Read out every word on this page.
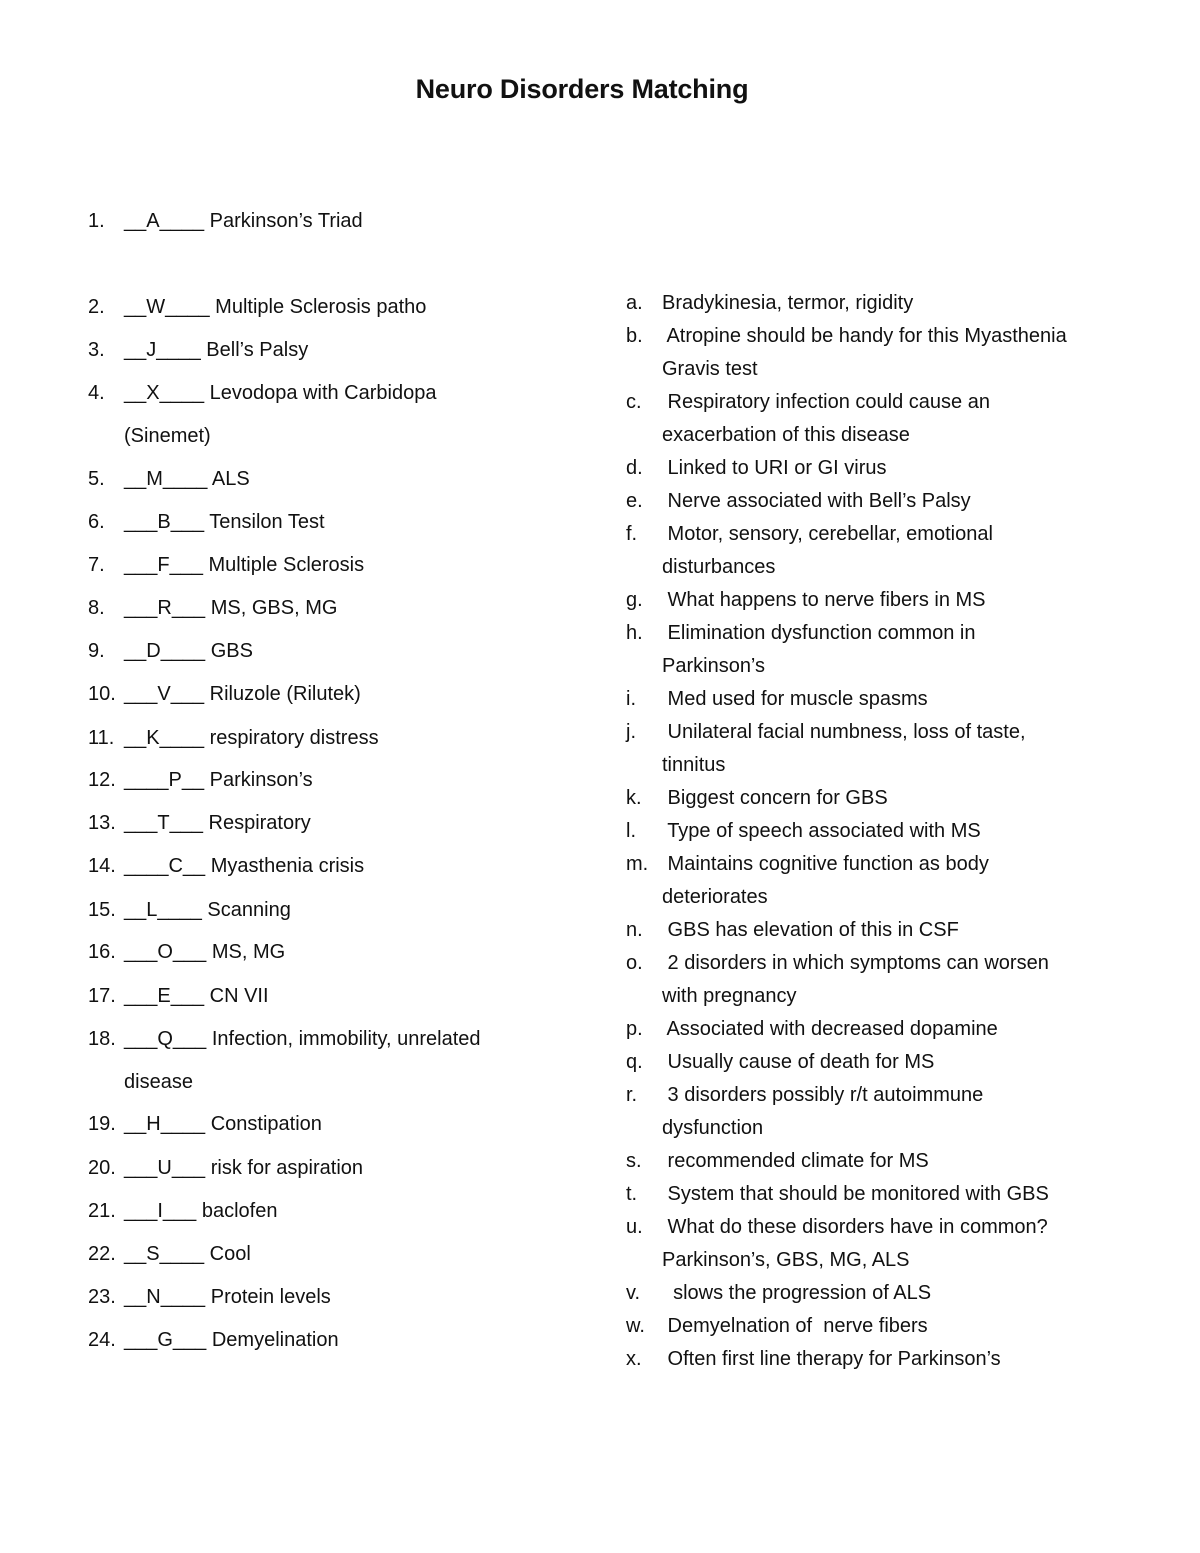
Neuro Disorders Matching
1. __A____ Parkinson’s Triad
2. __W____ Multiple Sclerosis patho
3. __J____ Bell’s Palsy
4. __X____ Levodopa with Carbidopa
(Sinemet)
5. __M____ ALS
6. ___B___ Tensilon Test
7. ___F___ Multiple Sclerosis
8. ___R___ MS, GBS, MG
9. __D____ GBS
10. ___V___ Riluzole (Rilutek)
11. __K____ respiratory distress
12. ____P__ Parkinson’s
13. ___T___ Respiratory
14. ____C__ Myasthenia crisis
15. __L____ Scanning
16. ___O___ MS, MG
17. ___E___ CN VII
18. ___Q___ Infection, immobility, unrelated
disease
19. __H____ Constipation
20. ___U___ risk for aspiration
21. ___I___ baclofen
22. __S____ Cool
23. __N____ Protein levels
24. ___G___ Demyelination
a. Bradykinesia, termor, rigidity
b. Atropine should be handy for this Myasthenia
Gravis test
c. Respiratory infection could cause an
exacerbation of this disease
d. Linked to URI or GI virus
e. Nerve associated with Bell’s Palsy
f. Motor, sensory, cerebellar, emotional
disturbances
g. What happens to nerve fibers in MS
h. Elimination dysfunction common in
Parkinson’s
i. Med used for muscle spasms
j. Unilateral facial numbness, loss of taste,
tinnitus
k. Biggest concern for GBS
l. Type of speech associated with MS
m. Maintains cognitive function as body
deteriorates
n. GBS has elevation of this in CSF
o. 2 disorders in which symptoms can worsen
with pregnancy
p. Associated with decreased dopamine
q. Usually cause of death for MS
r. 3 disorders possibly r/t autoimmune
dysfunction
s. recommended climate for MS
t. System that should be monitored with GBS
u. What do these disorders have in common?
Parkinson’s, GBS, MG, ALS
v.  slows the progression of ALS
w. Demyelnation of  nerve fibers
x. Often first line therapy for Parkinson’s
